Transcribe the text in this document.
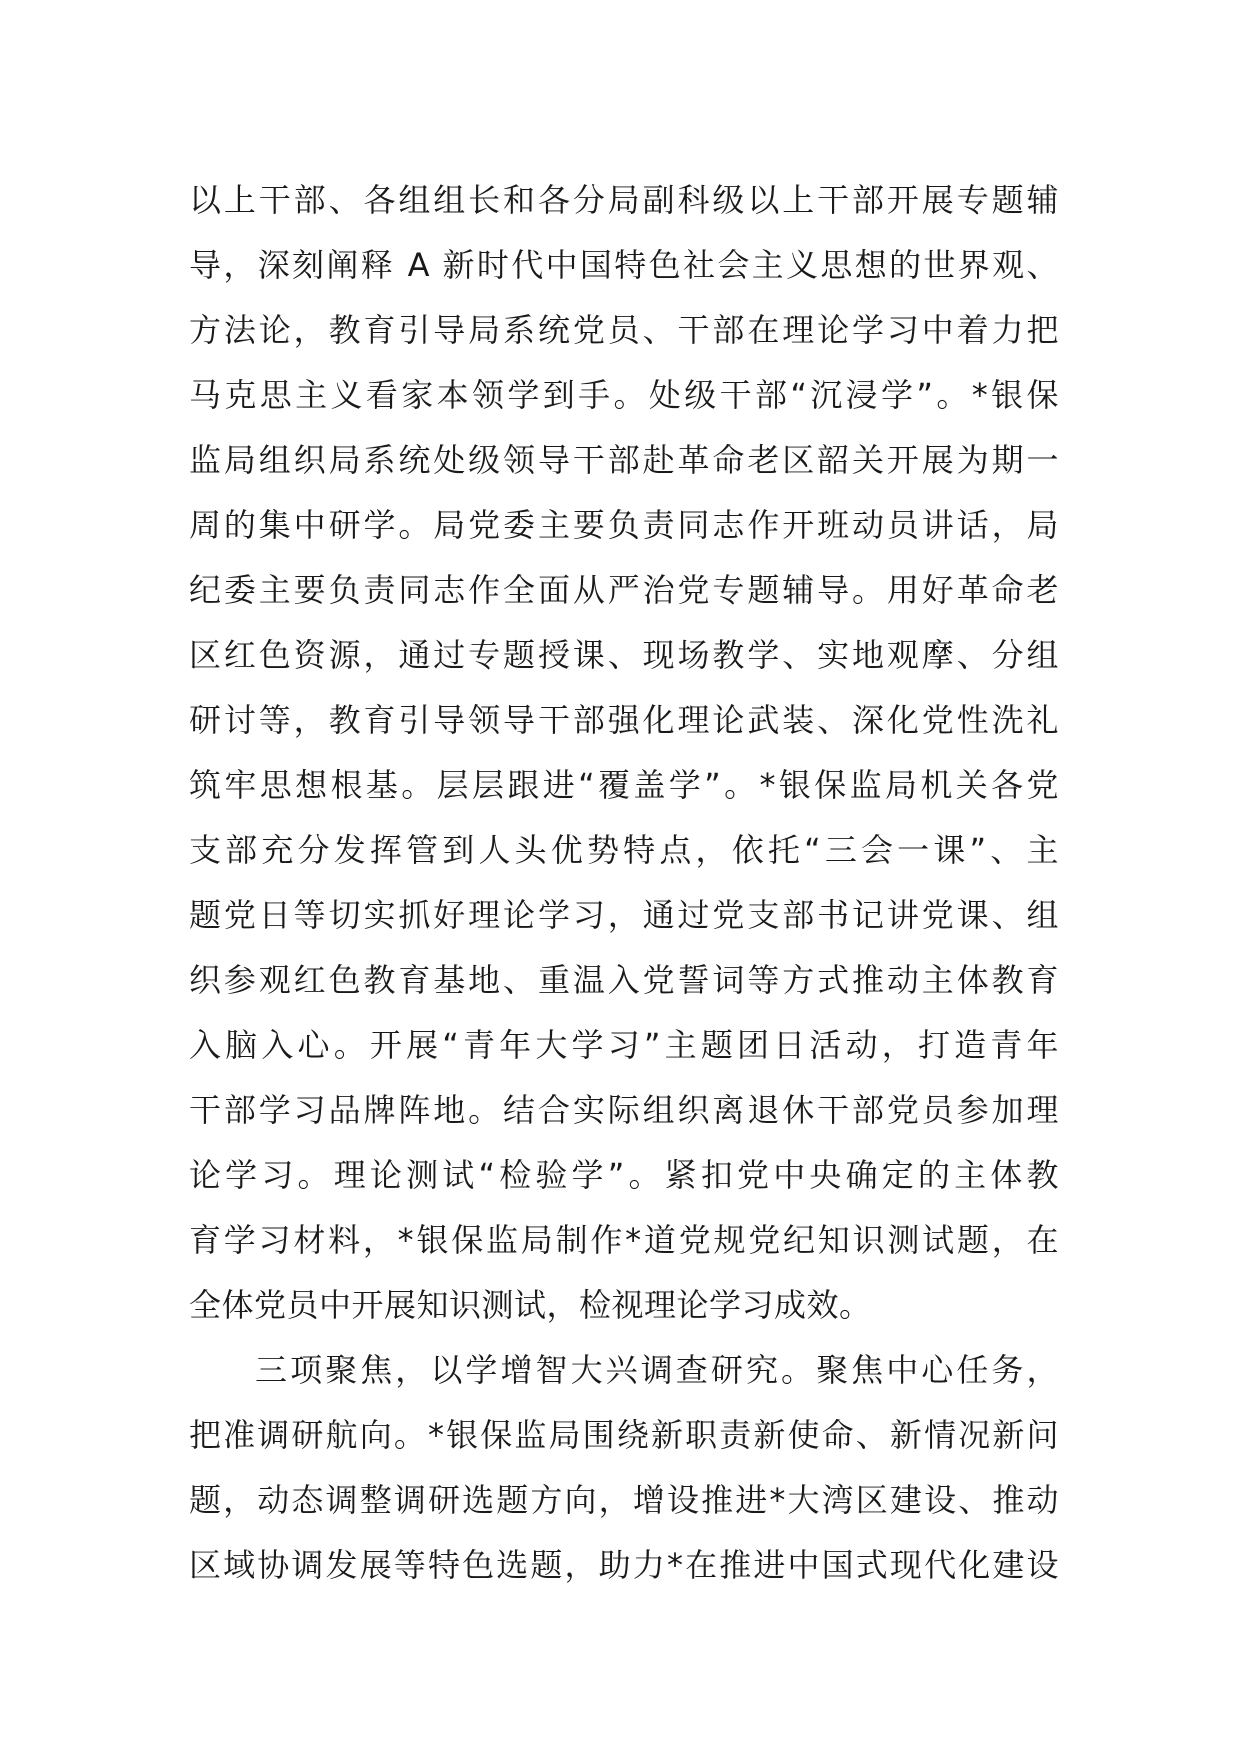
以上干部、各组组长和各分局副科级以上干部开展专题辅
导，深刻阐释 A 新时代中国特色社会主义思想的世界观、
方法论，教育引导局系统党员、干部在理论学习中着力把
马克思主义看家本领学到手。处级干部“沉浸学”。*银保
监局组织局系统处级领导干部赴革命老区韶关开展为期一
周的集中研学。局党委主要负责同志作开班动员讲话，局
纪委主要负责同志作全面从严治党专题辅导。用好革命老
区红色资源，通过专题授课、现场教学、实地观摩、分组
研讨等，教育引导领导干部强化理论武装、深化党性洗礼
筑牢思想根基。层层跟进“覆盖学”。*银保监局机关各党
支部充分发挥管到人头优势特点，依托“三会一课”、主
题党日等切实抓好理论学习，通过党支部书记讲党课、组
织参观红色教育基地、重温入党誓词等方式推动主体教育
入脑入心。开展“青年大学习”主题团日活动，打造青年
干部学习品牌阵地。结合实际组织离退休干部党员参加理
论学习。理论测试“检验学”。紧扣党中央确定的主体教
育学习材料，*银保监局制作*道党规党纪知识测试题，在
全体党员中开展知识测试，检视理论学习成效。
三项聚焦，以学增智大兴调查研究。聚焦中心任务，
把准调研航向。*银保监局围绕新职责新使命、新情况新问
题，动态调整调研选题方向，增设推进*大湾区建设、推动
区域协调发展等特色选题，助力*在推进中国式现代化建设
